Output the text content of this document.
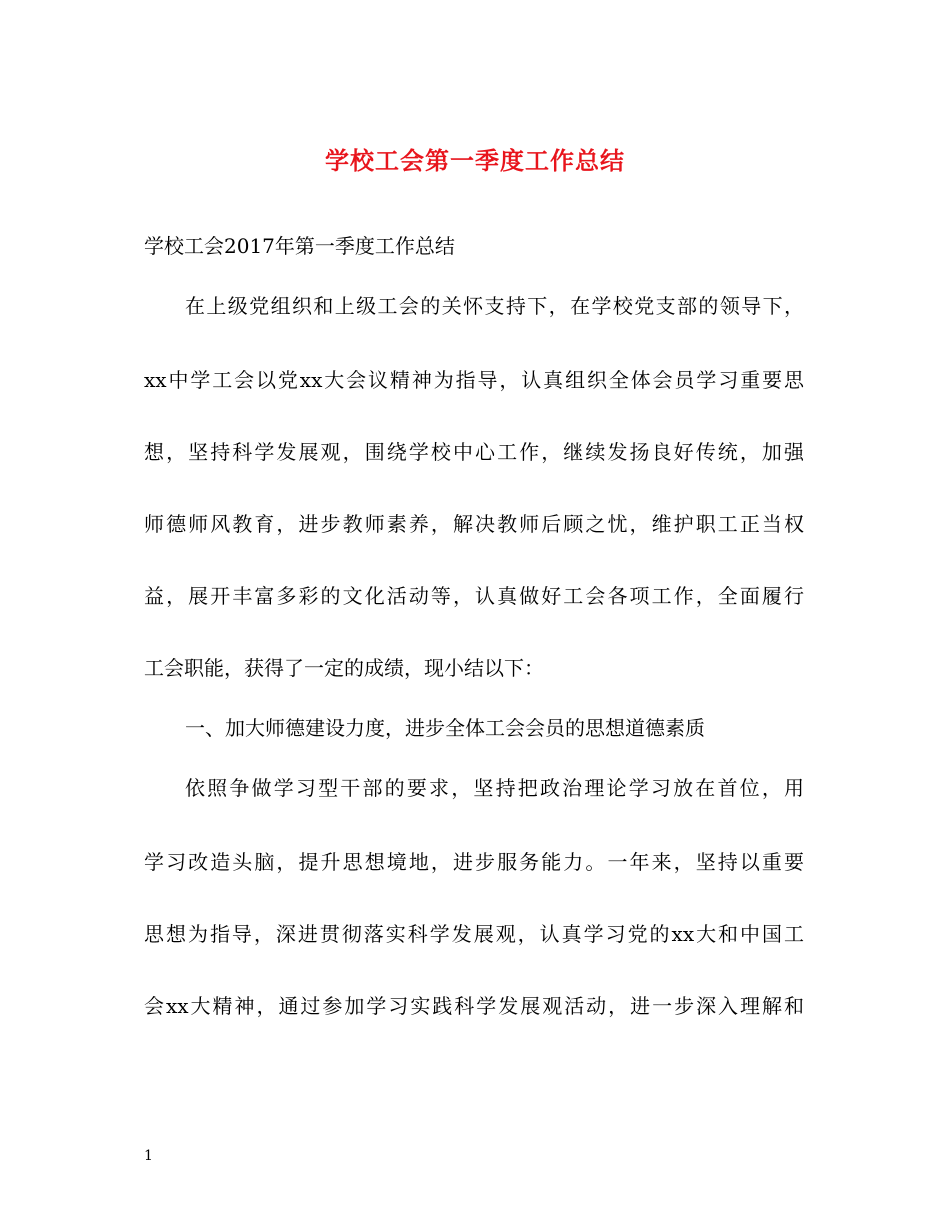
学校工会第一季度工作总结
学校工会2017年第一季度工作总结
在上级党组织和上级工会的关怀支持下，在学校党支部的领导下，
xx中学工会以党xx大会议精神为指导，认真组织全体会员学习重要思
想，坚持科学发展观，围绕学校中心工作，继续发扬良好传统，加强
师德师风教育，进步教师素养，解决教师后顾之忧，维护职工正当权
益，展开丰富多彩的文化活动等，认真做好工会各项工作，全面履行
工会职能，获得了一定的成绩，现小结以下：
一、加大师德建设力度，进步全体工会会员的思想道德素质
依照争做学习型干部的要求，坚持把政治理论学习放在首位，用
学习改造头脑，提升思想境地，进步服务能力。一年来，坚持以重要
思想为指导，深进贯彻落实科学发展观，认真学习党的xx大和中国工
会xx大精神，通过参加学习实践科学发展观活动，进一步深入理解和
1
